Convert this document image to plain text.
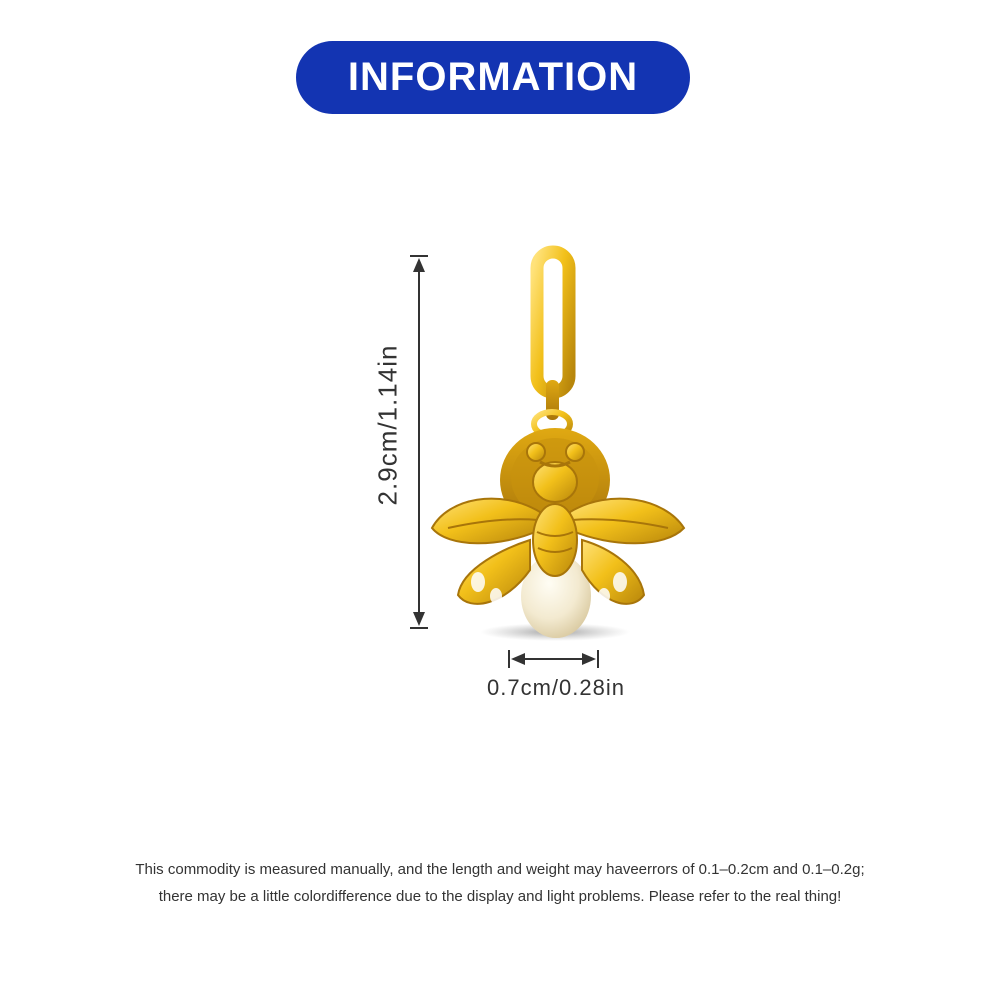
INFORMATION
2.9cm/1.14in
0.7cm/0.28in

This commodity is measured manually, and the length and weight may haveerrors of 0.1–0.2cm and 0.1–0.2g;

there may be a little colordifference due to the display and light problems. Please refer to the real thing!
